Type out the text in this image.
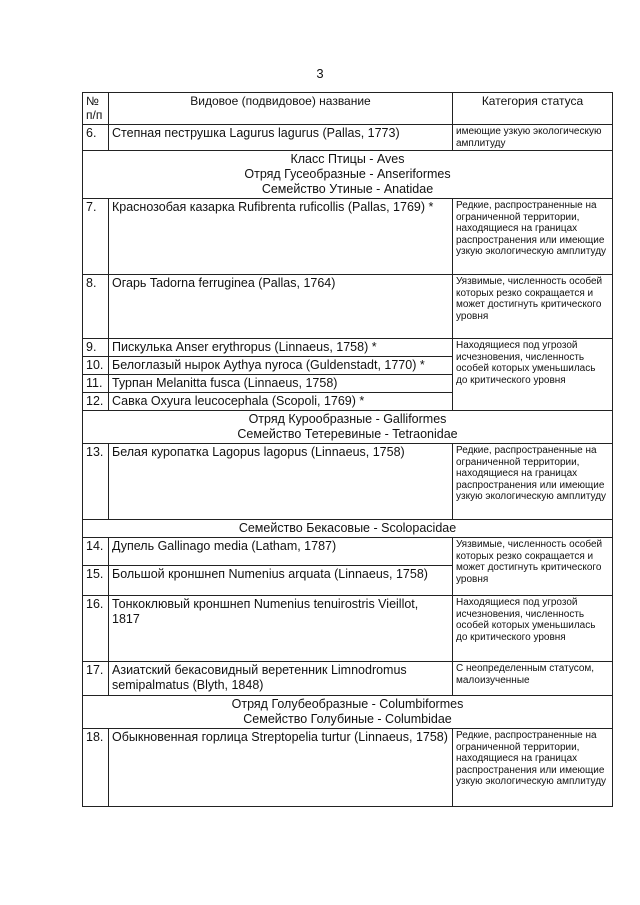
3
№ п/п	Видовое (подвидовое) название	Категория статуса
6.	Степная пеструшка Lagurus lagurus (Pallas, 1773)	имеющие узкую экологическую амплитуду

Класс Птицы - Aves
Отряд Гусеобразные - Anseriformes
Семейство Утиные - Anatidae		

7.	Краснозобая казарка Rufibrenta ruficollis (Pallas, 1769) *	Редкие, распространенные на ограниченной территории, находящиеся на границах распространения или имеющие узкую экологическую амплитуду
8.	Огарь Tadorna ferruginea (Pallas, 1764)	Уязвимые, численность особей которых резко сокращается и может достигнуть критического уровня
9.	Пискулька Anser erythropus (Linnaeus, 1758) *	Находящиеся под угрозой исчезновения, численность особей которых уменьшилась до критического уровня
10.	Белоглазый нырок Aythya nyroca (Guldenstadt, 1770) *	
11.	Турпан Melanitta fusca (Linnaeus, 1758)	
12.	Савка Oxyura leucocephala (Scopoli, 1769) *	

Отряд Курообразные - Galliformes
Семейство Тетеревиные - Tetraonidae		

13.	Белая куропатка Lagopus lagopus (Linnaeus, 1758)	Редкие, распространенные на ограниченной территории, находящиеся на границах распространения или имеющие узкую экологическую амплитуду

Семейство Бекасовые - Scolopacidae		

14.	Дупель Gallinago media (Latham, 1787)	Уязвимые, численность особей которых резко сокращается и может достигнуть критического уровня
15.	Большой кроншнеп Numenius arquata (Linnaeus, 1758)	
16.	Тонкоклювый кроншнеп Numenius tenuirostris Vieillot, 1817	Находящиеся под угрозой исчезновения, численность особей которых уменьшилась до критического уровня
17.	Азиатский бекасовидный веретенник Limnodromus semipalmatus (Blyth, 1848)	С неопределенным статусом, малоизученные

Отряд Голубеобразные - Columbiformes
Семейство Голубиные - Columbidae		

18.	Обыкновенная горлица Streptopelia turtur (Linnaeus, 1758)	Редкие, распространенные на ограниченной территории, находящиеся на границах распространения или имеющие узкую экологическую амплитуду
